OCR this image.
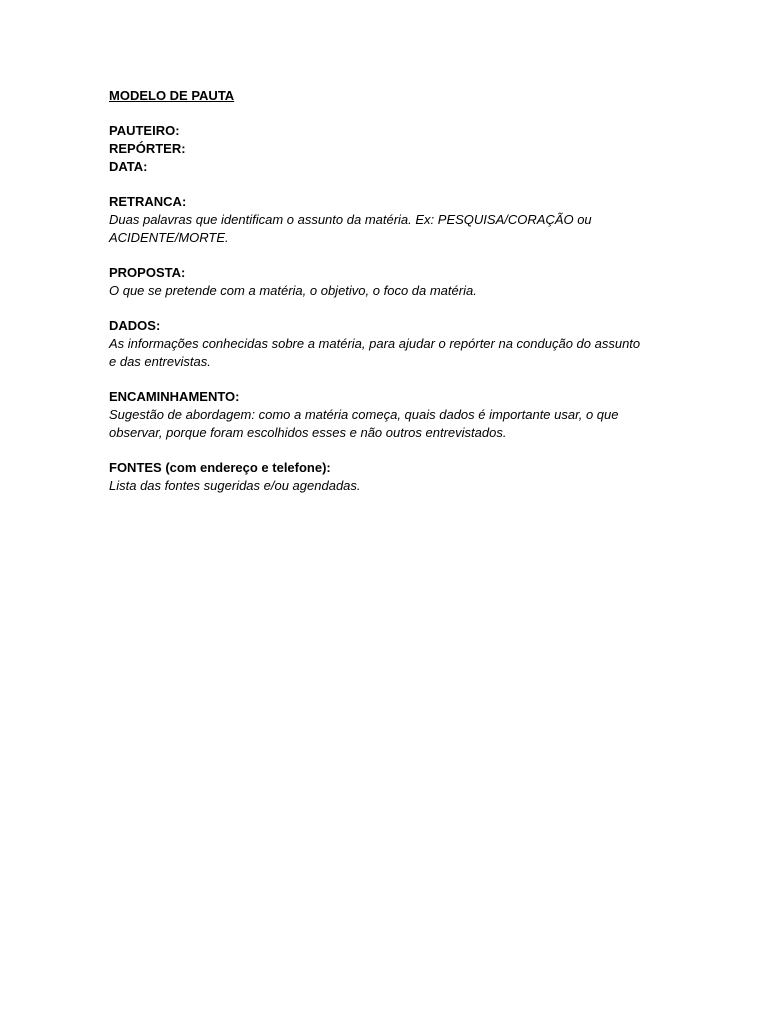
MODELO DE PAUTA
PAUTEIRO:
REPÓRTER:
DATA:
RETRANCA:
Duas palavras que identificam o assunto da matéria. Ex: PESQUISA/CORAÇÃO ou ACIDENTE/MORTE.
PROPOSTA:
O que se pretende com a matéria, o objetivo, o foco da matéria.
DADOS:
As informações conhecidas sobre a matéria, para ajudar o repórter na condução do assunto e das entrevistas.
ENCAMINHAMENTO:
Sugestão de abordagem: como a matéria começa, quais dados é importante usar, o que observar, porque foram escolhidos esses e não outros entrevistados.
FONTES (com endereço e telefone):
Lista das fontes sugeridas e/ou agendadas.
